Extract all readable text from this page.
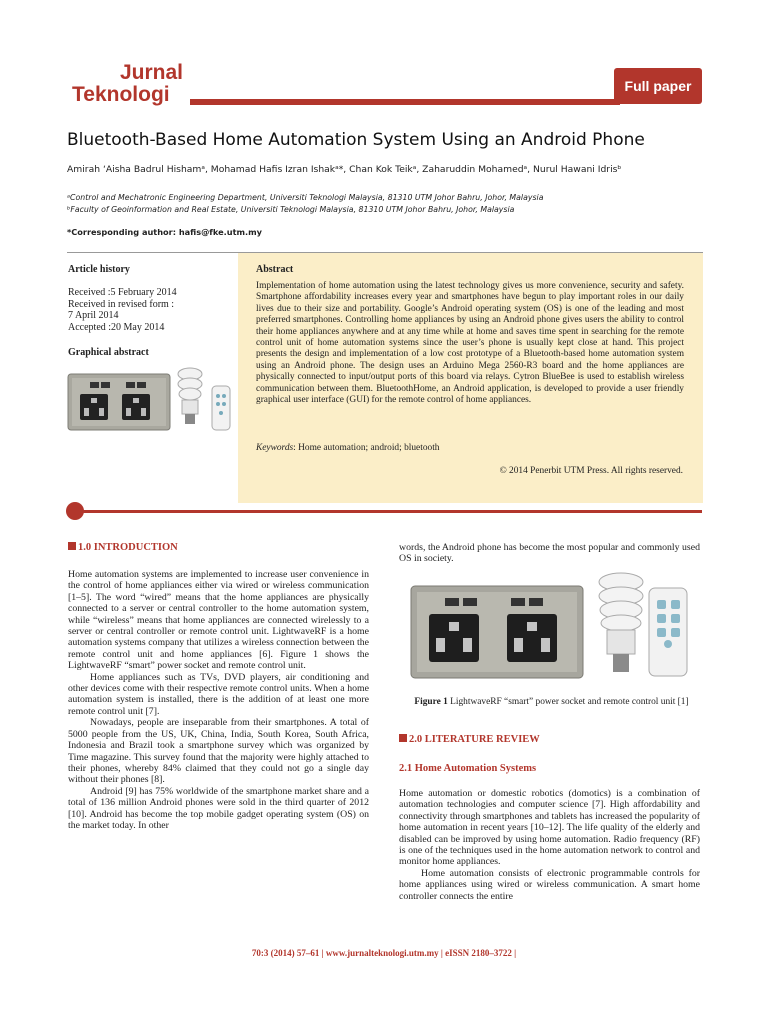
Jurnal
Teknologi	Full paper
Bluetooth-Based Home Automation System Using an Android Phone
Amirah ‘Aisha Badrul Hishamᵃ, Mohamad Hafis Izran Ishakᵃ*, Chan Kok Teikᵃ, Zaharuddin Mohamedᵃ, Nurul Hawani Idrisᵇ
ᵃControl and Mechatronic Engineering Department, Universiti Teknologi Malaysia, 81310 UTM Johor Bahru, Johor, Malaysia
ᵇFaculty of Geoinformation and Real Estate, Universiti Teknologi Malaysia, 81310 UTM Johor Bahru, Johor, Malaysia
*Corresponding author: hafis@fke.utm.my
Article history
Received :5 February 2014
Received in revised form :
7 April 2014
Accepted :20 May 2014
Graphical abstract
Abstract
Implementation of home automation using the latest technology gives us more convenience, security and safety. Smartphone affordability increases every year and smartphones have begun to play important roles in our daily lives due to their size and portability. Google’s Android operating system (OS) is one of the leading and most preferred smartphones. Controlling home appliances by using an Android phone gives users the ability to control their home appliances anywhere and at any time while at home and saves time spent in searching for the remote control unit of home automation systems since the user’s phone is usually kept close at hand. This project presents the design and implementation of a low cost prototype of a Bluetooth-based home automation system using an Android phone. The design uses an Arduino Mega 2560-R3 board and the home appliances are physically connected to input/output ports of this board via relays. Cytron BlueBee is used to establish wireless communication between them. BluetoothHome, an Android application, is developed to provide a user friendly graphical user interface (GUI) for the remote control of home appliances.
Keywords: Home automation; android; bluetooth
© 2014 Penerbit UTM Press. All rights reserved.
1.0 INTRODUCTION

Home automation systems are implemented to increase user convenience in the control of home appliances either via wired or wireless communication [1–5]. The word “wired” means that the home appliances are physically connected to a server or central controller to the home automation system, while “wireless” means that home appliances are connected wirelessly to a server or central controller or remote control unit. LightwaveRF is a home automation systems company that utilizes a wireless connection between the remote control unit and home appliances [6]. Figure 1 shows the LightwaveRF “smart” power socket and remote control unit.

Home appliances such as TVs, DVD players, air conditioning and other devices come with their respective remote control units. When a home automation system is installed, there is the addition of at least one more remote control unit [7].

Nowadays, people are inseparable from their smartphones. A total of 5000 people from the US, UK, China, India, South Korea, South Africa, Indonesia and Brazil took a smartphone survey which was organized by Time magazine. This survey found that the majority were highly attached to their phones, whereby 84% claimed that they could not go a single day without their phones [8].

Android [9] has 75% worldwide of the smartphone market share and a total of 136 million Android phones were sold in the third quarter of 2012 [10]. Android has become the top mobile gadget operating system (OS) on the market today. In other

words, the Android phone has become the most popular and commonly used OS in society.
Figure 1 LightwaveRF “smart” power socket and remote control unit [1]
2.0 LITERATURE REVIEW
2.1 Home Automation Systems

Home automation or domestic robotics (domotics) is a combination of automation technologies and computer science [7]. High affordability and connectivity through smartphones and tablets has increased the popularity of home automation in recent years [10–12]. The life quality of the elderly and disabled can be improved by using home automation. Radio frequency (RF) is one of the techniques used in the home automation network to control and monitor home appliances.

Home automation consists of electronic programmable controls for home appliances using wired or wireless communication. A smart home controller connects the entire

70:3 (2014) 57–61 | www.jurnalteknologi.utm.my | eISSN 2180–3722 |
